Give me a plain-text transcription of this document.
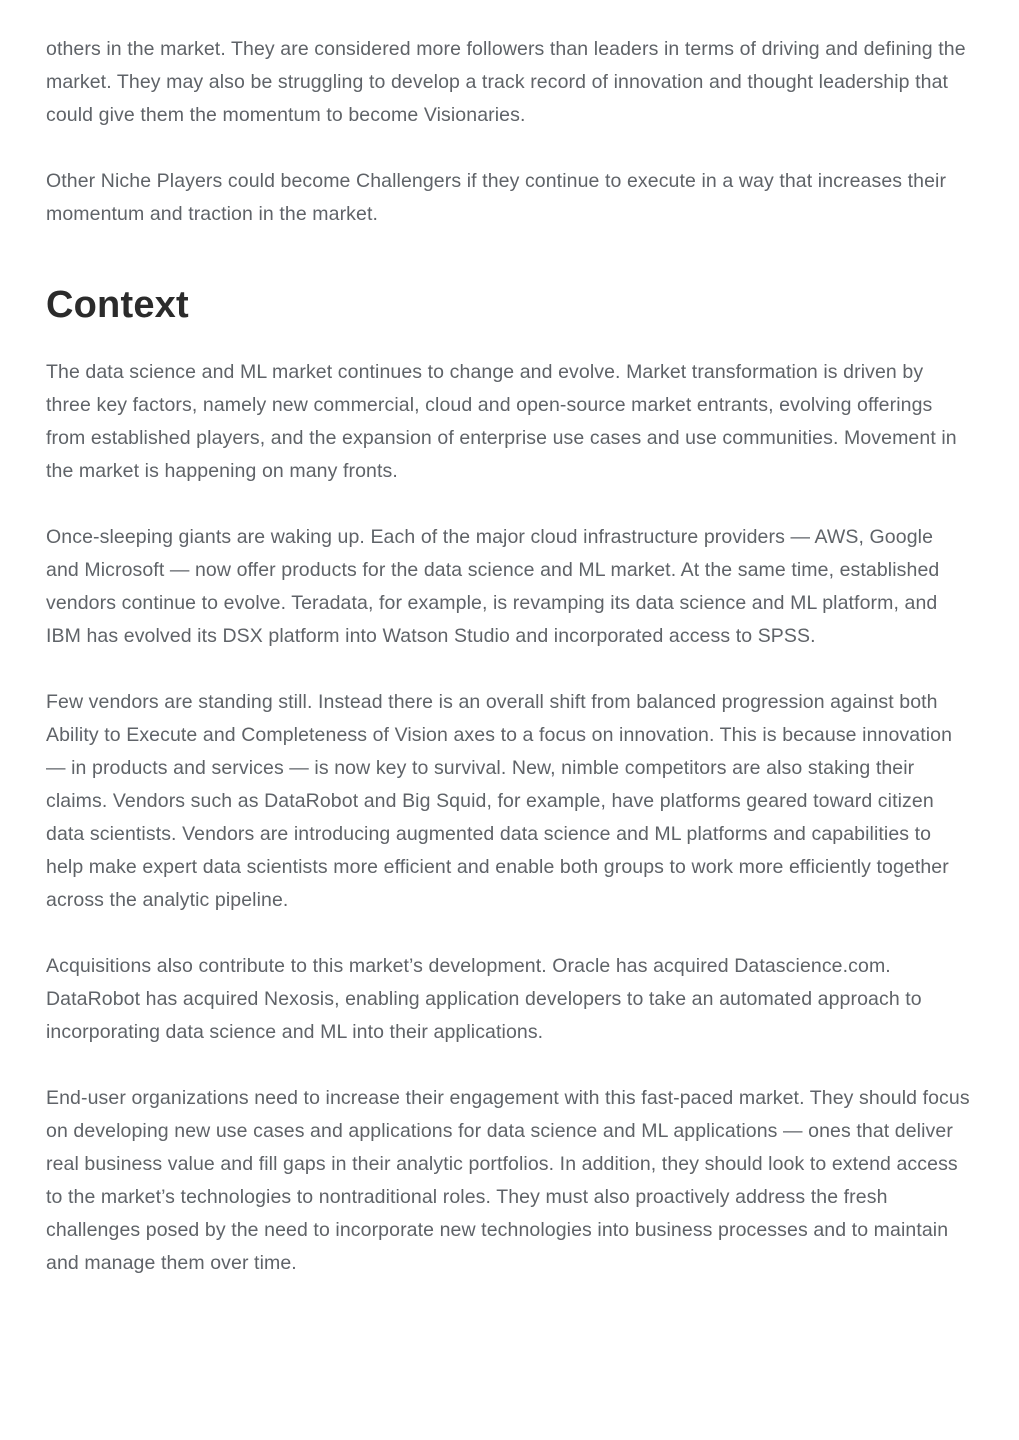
others in the market. They are considered more followers than leaders in terms of driving and defining the market. They may also be struggling to develop a track record of innovation and thought leadership that could give them the momentum to become Visionaries.

Other Niche Players could become Challengers if they continue to execute in a way that increases their momentum and traction in the market.

Context

The data science and ML market continues to change and evolve. Market transformation is driven by three key factors, namely new commercial, cloud and open-source market entrants, evolving offerings from established players, and the expansion of enterprise use cases and use communities. Movement in the market is happening on many fronts.

Once-sleeping giants are waking up. Each of the major cloud infrastructure providers — AWS, Google and Microsoft — now offer products for the data science and ML market. At the same time, established vendors continue to evolve. Teradata, for example, is revamping its data science and ML platform, and IBM has evolved its DSX platform into Watson Studio and incorporated access to SPSS.

Few vendors are standing still. Instead there is an overall shift from balanced progression against both Ability to Execute and Completeness of Vision axes to a focus on innovation. This is because innovation — in products and services — is now key to survival. New, nimble competitors are also staking their claims. Vendors such as DataRobot and Big Squid, for example, have platforms geared toward citizen data scientists. Vendors are introducing augmented data science and ML platforms and capabilities to help make expert data scientists more efficient and enable both groups to work more efficiently together across the analytic pipeline.

Acquisitions also contribute to this market’s development. Oracle has acquired Datascience.com. DataRobot has acquired Nexosis, enabling application developers to take an automated approach to incorporating data science and ML into their applications.

End-user organizations need to increase their engagement with this fast-paced market. They should focus on developing new use cases and applications for data science and ML applications — ones that deliver real business value and fill gaps in their analytic portfolios. In addition, they should look to extend access to the market’s technologies to nontraditional roles. They must also proactively address the fresh challenges posed by the need to incorporate new technologies into business processes and to maintain and manage them over time.
